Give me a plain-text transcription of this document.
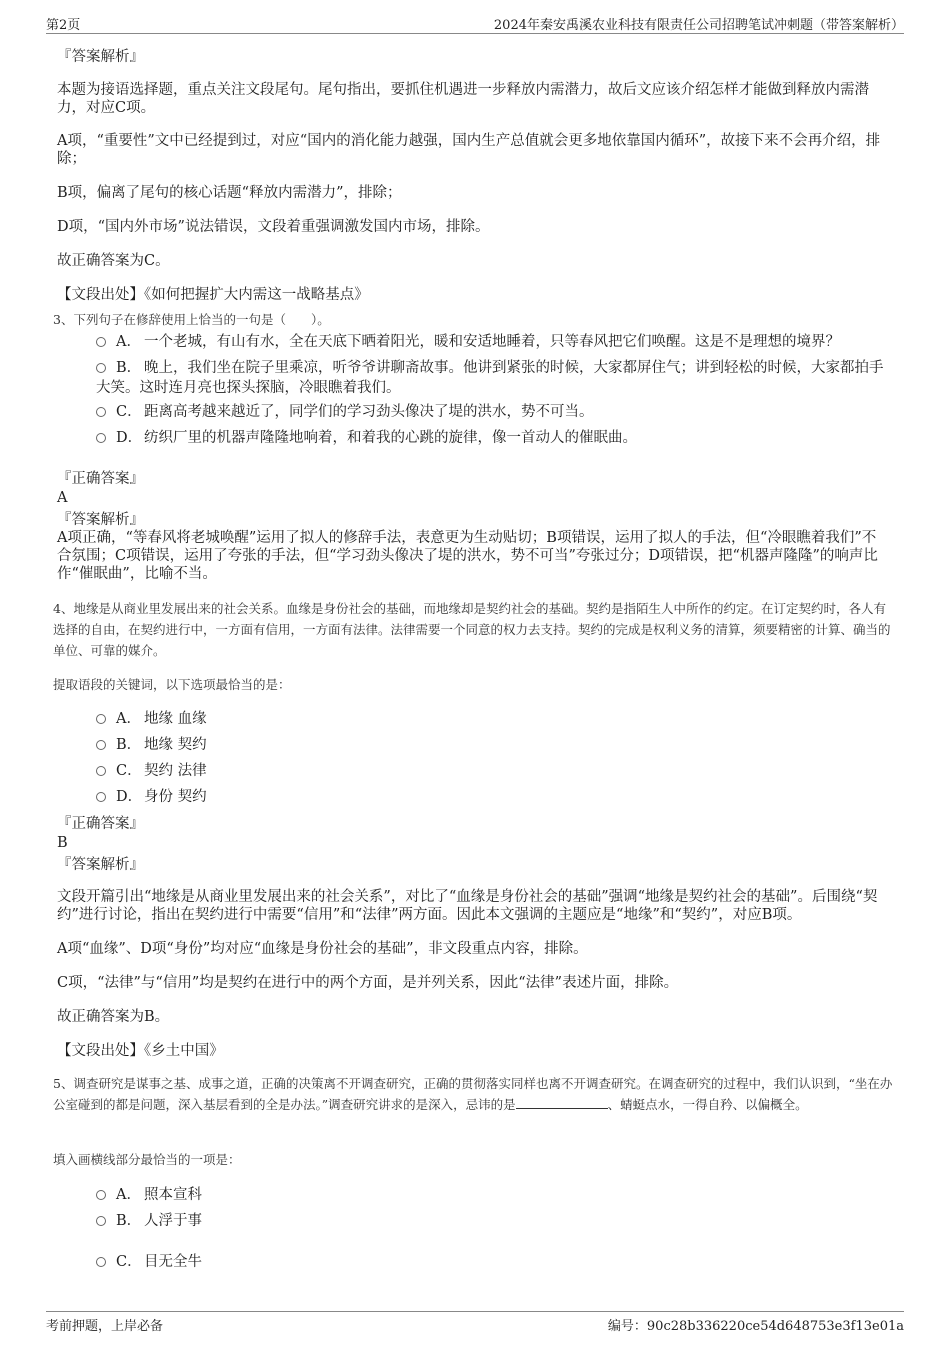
第2页	2024年秦安禹溪农业科技有限责任公司招聘笔试冲刺题（带答案解析）
『答案解析』
本题为接语选择题，重点关注文段尾句。尾句指出，要抓住机遇进一步释放内需潜力，故后文应该介绍怎样才能做到释放内需潜力，对应C项。
A项，“重要性”文中已经提到过，对应“国内的消化能力越强，国内生产总值就会更多地依靠国内循环”，故接下来不会再介绍，排除；
B项，偏离了尾句的核心话题“释放内需潜力”，排除；
D项，“国内外市场”说法错误，文段着重强调激发国内市场，排除。
故正确答案为C。
【文段出处】《如何把握扩大内需这一战略基点》
3、下列句子在修辞使用上恰当的一句是（　　）。
A． 一个老城，有山有水，全在天底下晒着阳光，暖和安适地睡着，只等春风把它们唤醒。这是不是理想的境界？
B． 晚上，我们坐在院子里乘凉，听爷爷讲聊斋故事。他讲到紧张的时候，大家都屏住气；讲到轻松的时候，大家都拍手大笑。这时连月亮也探头探脑，冷眼瞧着我们。
C． 距离高考越来越近了，同学们的学习劲头像决了堤的洪水，势不可当。
D． 纺织厂里的机器声隆隆地响着，和着我的心跳的旋律，像一首动人的催眠曲。
『正确答案』
A
『答案解析』
A项正确，“等春风将老城唤醒”运用了拟人的修辞手法，表意更为生动贴切；B项错误，运用了拟人的手法，但“冷眼瞧着我们”不合氛围；C项错误，运用了夸张的手法，但“学习劲头像决了堤的洪水，势不可当”夸张过分；D项错误，把“机器声隆隆”的响声比作“催眠曲”，比喻不当。
4、地缘是从商业里发展出来的社会关系。血缘是身份社会的基础，而地缘却是契约社会的基础。契约是指陌生人中所作的约定。在订定契约时，各人有选择的自由，在契约进行中，一方面有信用，一方面有法律。法律需要一个同意的权力去支持。契约的完成是权利义务的清算，须要精密的计算、确当的单位、可靠的媒介。
提取语段的关键词，以下选项最恰当的是：
A． 地缘 血缘
B． 地缘 契约
C． 契约 法律
D． 身份 契约
『正确答案』
B
『答案解析』
文段开篇引出“地缘是从商业里发展出来的社会关系”，对比了“血缘是身份社会的基础”强调“地缘是契约社会的基础”。后围绕“契约”进行讨论，指出在契约进行中需要“信用”和“法律”两方面。因此本文强调的主题应是“地缘”和“契约”，对应B项。
A项“血缘”、D项“身份”均对应“血缘是身份社会的基础”，非文段重点内容，排除。
C项，“法律”与“信用”均是契约在进行中的两个方面，是并列关系，因此“法律”表述片面，排除。
故正确答案为B。
【文段出处】《乡土中国》
5、调查研究是谋事之基、成事之道，正确的决策离不开调查研究，正确的贯彻落实同样也离不开调查研究。在调查研究的过程中，我们认识到，“坐在办公室碰到的都是问题，深入基层看到的全是办法。”调查研究讲求的是深入，忌讳的是	、蜻蜓点水，一得自矜、以偏概全。
填入画横线部分最恰当的一项是：
A． 照本宣科
B． 人浮于事
C． 目无全牛
考前押题，上岸必备	编号：90c28b336220ce54d648753e3f13e01a
